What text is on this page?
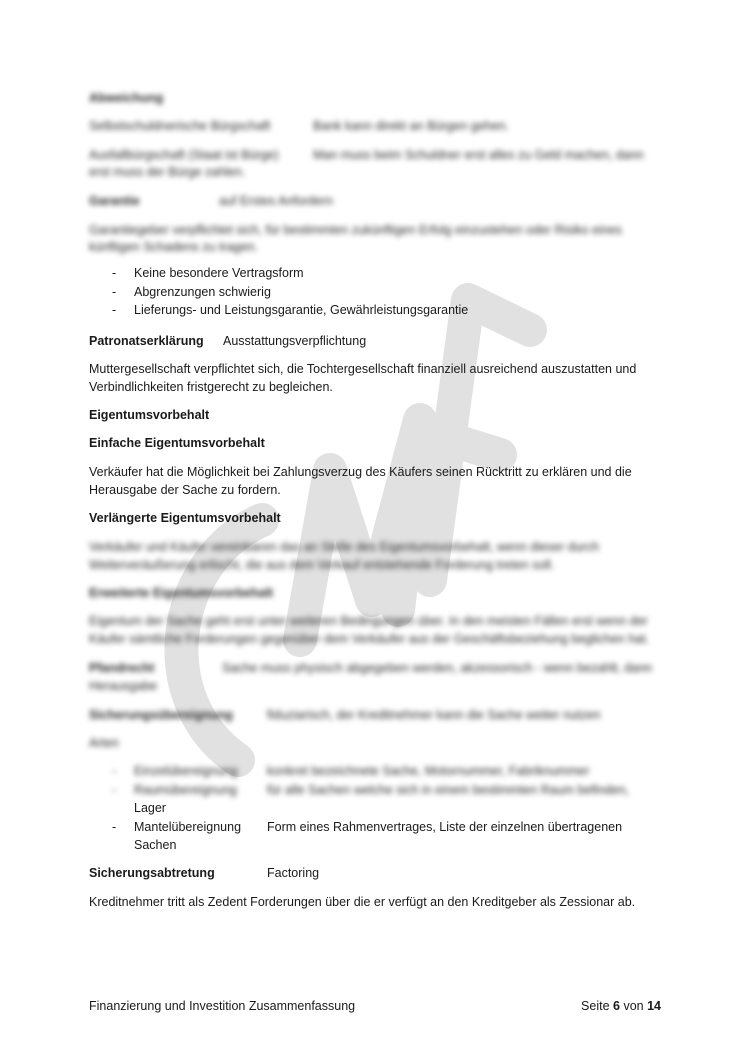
Abweichung
Selbstschuldnerische Bürgschaft	Bank kann direkt an Bürgen gehen.
Ausfallbürgschaft (Staat ist Bürge)	Man muss beim Schuldner erst alles zu Geld machen, dann
erst muss der Bürge zahlen.
Garantie	auf Erstes Anfordern
Garantiegeber verpflichtet sich, für bestimmten zukünftigen Erfolg einzustehen oder Risiko eines
künftigen Schadens zu tragen.
- Keine besondere Vertragsform
- Abgrenzungen schwierig
- Lieferungs- und Leistungsgarantie, Gewährleistungsgarantie
Patronatserklärung Ausstattungsverpflichtung
Muttergesellschaft verpflichtet sich, die Tochtergesellschaft finanziell ausreichend auszustatten und
Verbindlichkeiten fristgerecht zu begleichen.
Eigentumsvorbehalt
Einfache Eigentumsvorbehalt
Verkäufer hat die Möglichkeit bei Zahlungsverzug des Käufers seinen Rücktritt zu erklären und die
Herausgabe der Sache zu fordern.
Verlängerte Eigentumsvorbehalt
Verkäufer und Käufer vereinbaren das an Stelle des Eigentumsvorbehalt, wenn dieser durch
Weiterveräußerung erlischt, die aus dem Verkauf entstehende Forderung treten soll.
Erweiterte Eigentumsvorbehalt
Eigentum der Sache geht erst unter weiteren Bedingungen über. In den meisten Fällen erst wenn der
Käufer sämtliche Forderungen gegenüber dem Verkäufer aus der Geschäftsbeziehung beglichen hat.
Pfandrecht	Sache muss physisch abgegeben werden, akzessorisch - wenn bezahlt, dann
Herausgabe
Sicherungsübereignung	fiduziarisch, der Kreditnehmer kann die Sache weiter nutzen
Arten
- Einzelübereignung konkret bezeichnete Sache, Motornummer, Fabriknummer
- Raumübereignung für alle Sachen welche sich in einem bestimmten Raum befinden,
Lager
- Mantelübereignung Form eines Rahmenvertrages, Liste der einzelnen übertragenen
Sachen
Sicherungsabtretung	Factoring
Kreditnehmer tritt als Zedent Forderungen über die er verfügt an den Kreditgeber als Zessionar ab.
Finanzierung und Investition Zusammenfassung	Seite 6 von 14
